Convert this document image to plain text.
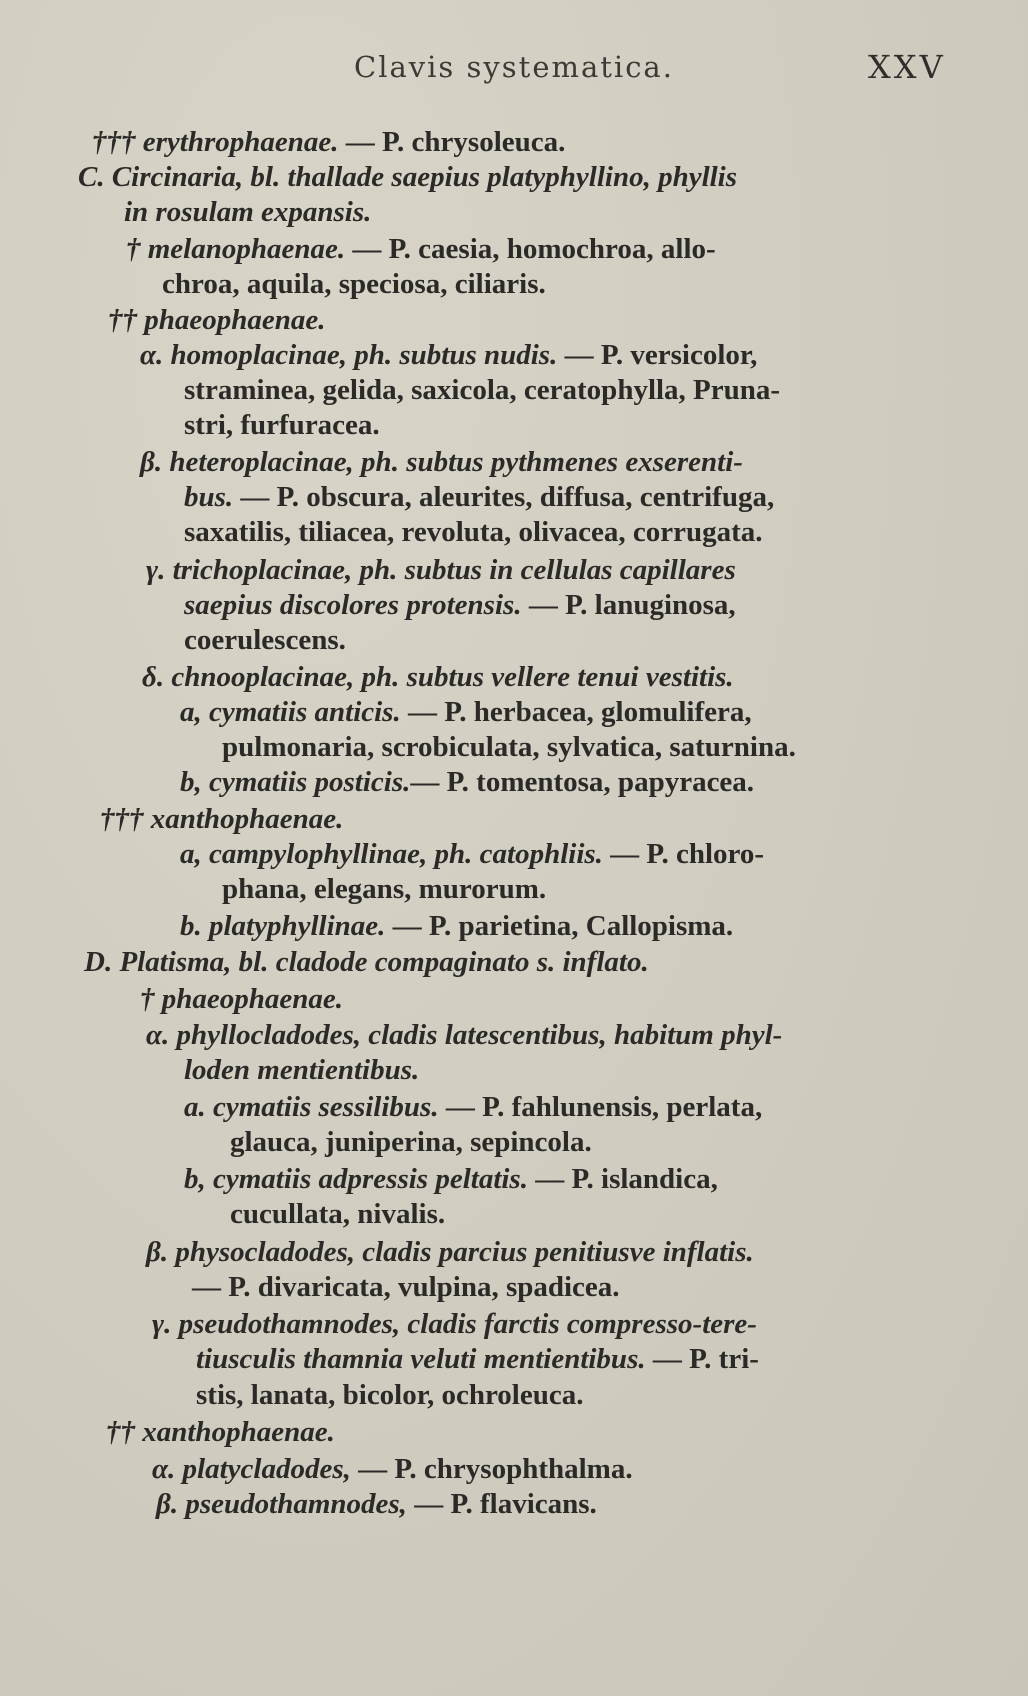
Clavis systematica.	XXV
††† erythrophaenae. — P. chrysoleuca.
C. Circinaria, bl. thallade saepius platyphyllino, phyllis
in rosulam expansis.
† melanophaenae. — P. caesia, homochroa, allo-
chroa, aquila, speciosa, ciliaris.
†† phaeophaenae.
α. homoplacinae, ph. subtus nudis. — P. versicolor,
straminea, gelida, saxicola, ceratophylla, Pruna-
stri, furfuracea.
β. heteroplacinae, ph. subtus pythmenes exserenti-
bus. — P. obscura, aleurites, diffusa, centrifuga,
saxatilis, tiliacea, revoluta, olivacea, corrugata.
γ. trichoplacinae, ph. subtus in cellulas capillares
saepius discolores protensis. — P. lanuginosa,
coerulescens.
δ. chnooplacinae, ph. subtus vellere tenui vestitis.
a, cymatiis anticis. — P. herbacea, glomulifera,
pulmonaria, scrobiculata, sylvatica, saturnina.
b, cymatiis posticis.— P. tomentosa, papyracea.
††† xanthophaenae.
a, campylophyllinae, ph. catophliis. — P. chloro-
phana, elegans, murorum.
b. platyphyllinae. — P. parietina, Callopisma.
D. Platisma, bl. cladode compaginato s. inflato.
† phaeophaenae.
α. phyllocladodes, cladis latescentibus, habitum phyl-
loden mentientibus.
a. cymatiis sessilibus. — P. fahlunensis, perlata,
glauca, juniperina, sepincola.
b, cymatiis adpressis peltatis. — P. islandica,
cucullata, nivalis.
β. physocladodes, cladis parcius penitiusve inflatis.
— P. divaricata, vulpina, spadicea.
γ. pseudothamnodes, cladis farctis compresso-tere-
tiusculis thamnia veluti mentientibus. — P. tri-
stis, lanata, bicolor, ochroleuca.
†† xanthophaenae.
α. platycladodes, — P. chrysophthalma.
β. pseudothamnodes, — P. flavicans.
